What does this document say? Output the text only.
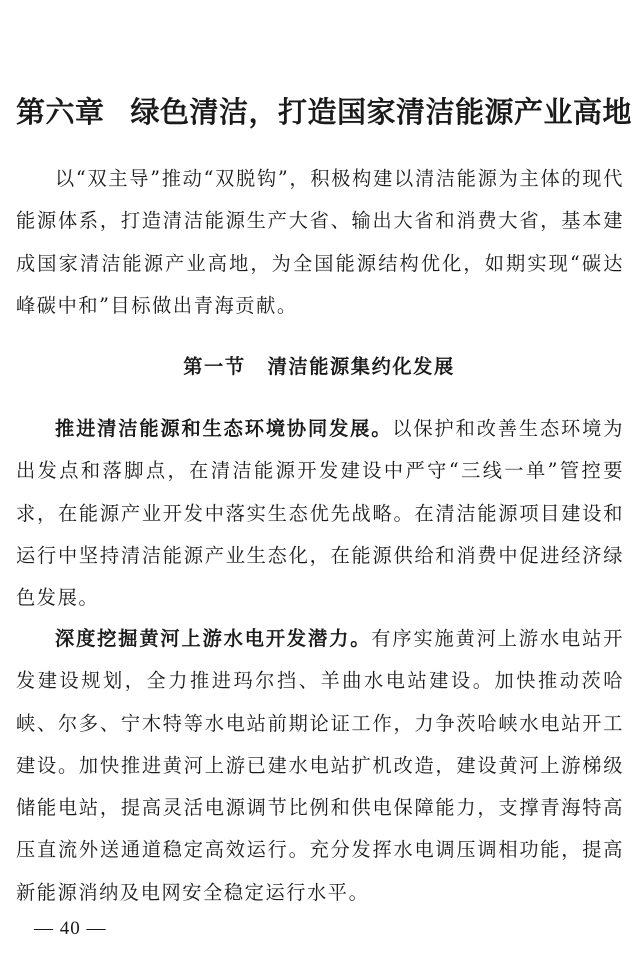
第六章 绿色清洁，打造国家清洁能源产业高地

以“双主导”推动“双脱钩”，积极构建以清洁能源为主体的现代能源体系，打造清洁能源生产大省、输出大省和消费大省，基本建成国家清洁能源产业高地，为全国能源结构优化，如期实现“碳达峰碳中和”目标做出青海贡献。

第一节 清洁能源集约化发展

推进清洁能源和生态环境协同发展。以保护和改善生态环境为出发点和落脚点，在清洁能源开发建设中严守“三线一单”管控要求，在能源产业开发中落实生态优先战略。在清洁能源项目建设和运行中坚持清洁能源产业生态化，在能源供给和消费中促进经济绿色发展。

深度挖掘黄河上游水电开发潜力。有序实施黄河上游水电站开发建设规划，全力推进玛尔挡、羊曲水电站建设。加快推动茨哈峡、尔多、宁木特等水电站前期论证工作，力争茨哈峡水电站开工建设。加快推进黄河上游已建水电站扩机改造，建设黄河上游梯级储能电站，提高灵活电源调节比例和供电保障能力，支撑青海特高压直流外送通道稳定高效运行。充分发挥水电调压调相功能，提高新能源消纳及电网安全稳定运行水平。

— 40 —
